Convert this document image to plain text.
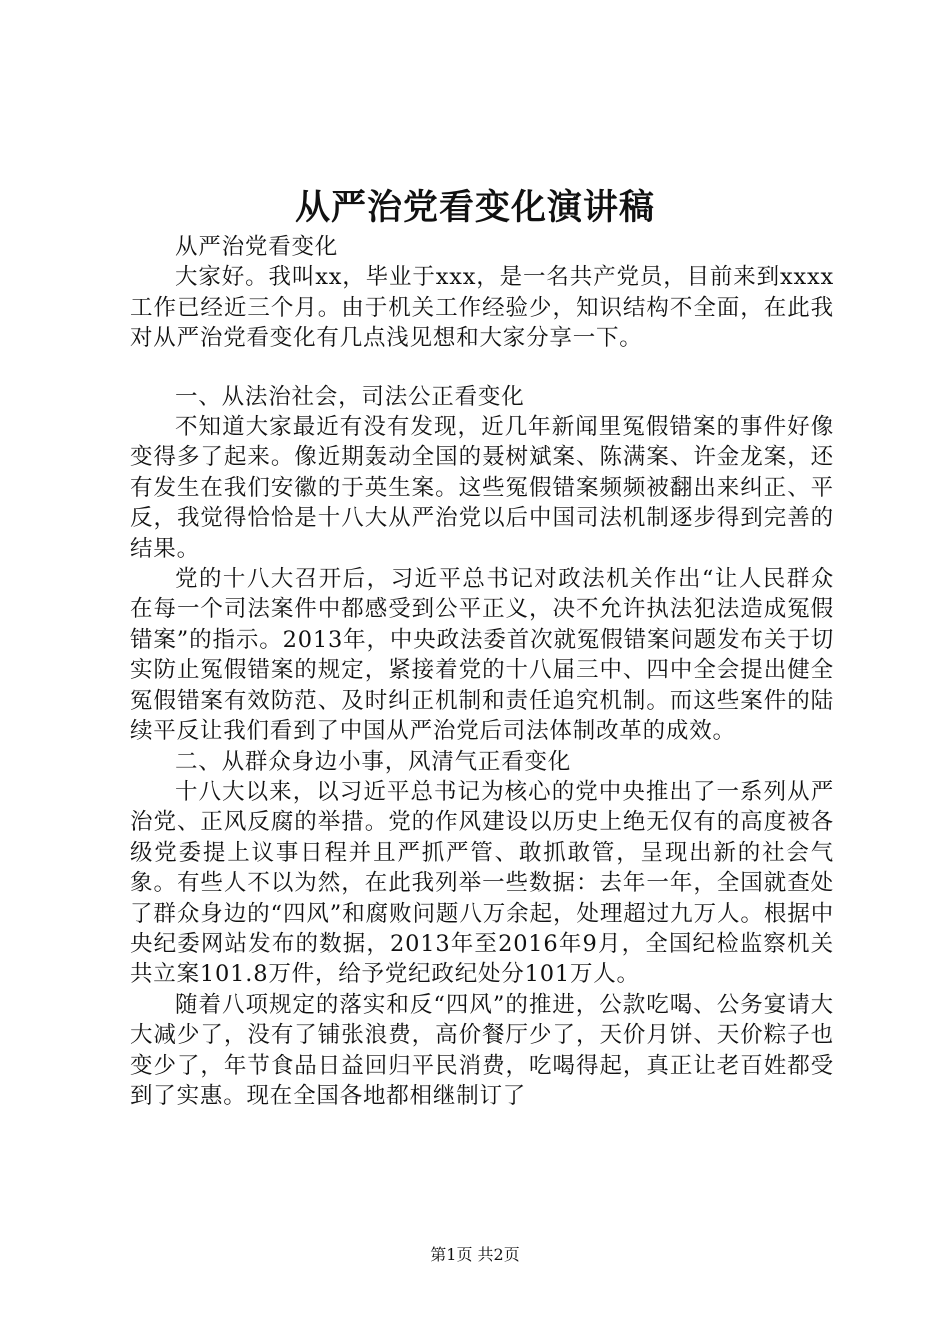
从严治党看变化演讲稿

从严治党看变化

大家好。我叫xx，毕业于xxx，是一名共产党员，目前来到xxxx工作已经近三个月。由于机关工作经验少，知识结构不全面，在此我对从严治党看变化有几点浅见想和大家分享一下。

一、从法治社会，司法公正看变化

不知道大家最近有没有发现，近几年新闻里冤假错案的事件好像变得多了起来。像近期轰动全国的聂树斌案、陈满案、许金龙案，还有发生在我们安徽的于英生案。这些冤假错案频频被翻出来纠正、平反，我觉得恰恰是十八大从严治党以后中国司法机制逐步得到完善的结果。

党的十八大召开后，习近平总书记对政法机关作出“让人民群众在每一个司法案件中都感受到公平正义，决不允许执法犯法造成冤假错案”的指示。2013年，中央政法委首次就冤假错案问题发布关于切实防止冤假错案的规定，紧接着党的十八届三中、四中全会提出健全冤假错案有效防范、及时纠正机制和责任追究机制。而这些案件的陆续平反让我们看到了中国从严治党后司法体制改革的成效。

二、从群众身边小事，风清气正看变化

十八大以来，以习近平总书记为核心的党中央推出了一系列从严治党、正风反腐的举措。党的作风建设以历史上绝无仅有的高度被各级党委提上议事日程并且严抓严管、敢抓敢管，呈现出新的社会气象。有些人不以为然，在此我列举一些数据：去年一年，全国就查处了群众身边的“四风”和腐败问题八万余起，处理超过九万人。根据中央纪委网站发布的数据，2013年至2016年9月，全国纪检监察机关共立案101.8万件，给予党纪政纪处分101万人。

随着八项规定的落实和反“四风”的推进，公款吃喝、公务宴请大大减少了，没有了铺张浪费，高价餐厅少了，天价月饼、天价粽子也变少了，年节食品日益回归平民消费，吃喝得起，真正让老百姓都受到了实惠。现在全国各地都相继制订了

第1页 共2页
